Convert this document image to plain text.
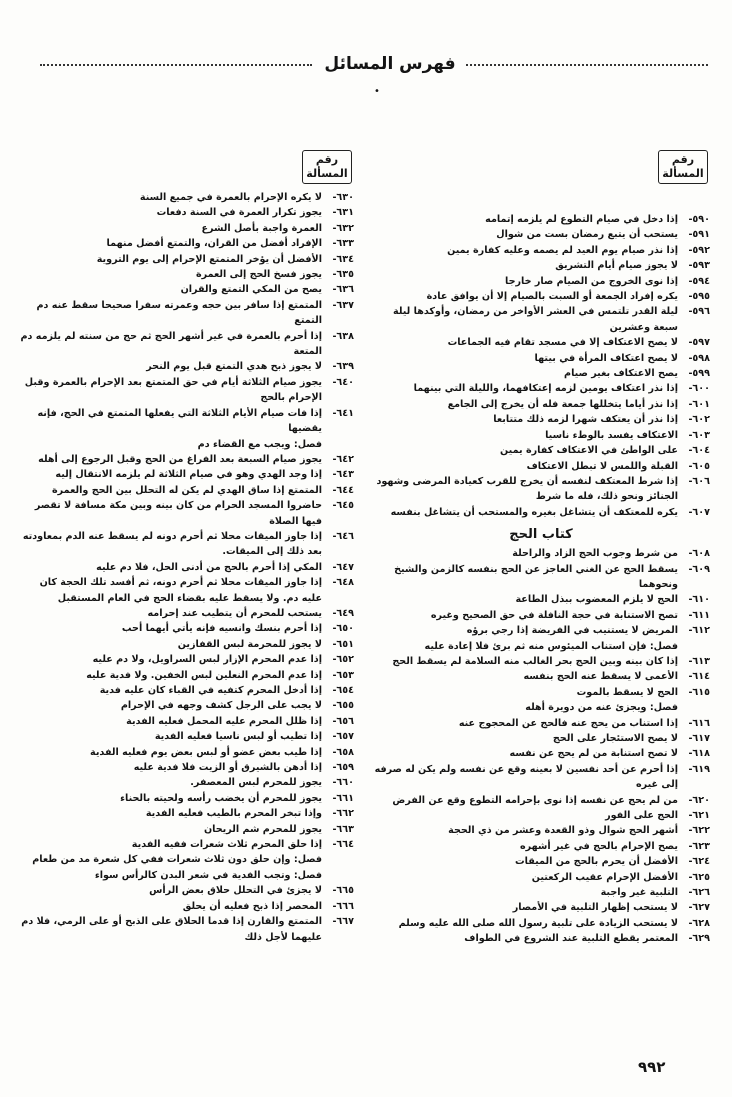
فهرس المسائل
•
رقم
المسألة
٥٩٠-
إذا دخل في صيام التطوع لم يلزمه إتمامه
٥٩١-
يستحب أن يتبع رمضان بست من شوال
٥٩٢-
إذا نذر صيام يوم العيد لم يصمه وعليه كفارة يمين
٥٩٣-
لا يجوز صيام أيام التشريق
٥٩٤-
إذا نوى الخروج من الصيام صار خارجا
٥٩٥-
يكره إفراد الجمعة أو السبت بالصيام إلا أن يوافق عادة
٥٩٦-
ليلة القدر تلتمس في العشر الأواخر من رمضان، وأوكدها ليلة سبعة وعشرين
٥٩٧-
لا يصح الاعتكاف إلا في مسجد تقام فيه الجماعات
٥٩٨-
لا يصح اعتكاف المرأة في بيتها
٥٩٩-
يصح الاعتكاف بغير صيام
٦٠٠-
إذا نذر اعتكاف يومين لزمه إعتكافهما، والليلة التي بينهما
٦٠١-
إذا نذر أياما يتخللها جمعة فله أن يخرج إلى الجامع
٦٠٢-
إذا نذر أن يعتكف شهرا لزمه ذلك متتابعا
٦٠٣-
الاعتكاف يفسد بالوطء ناسيا
٦٠٤-
على الواطئ في الاعتكاف كفارة يمين
٦٠٥-
القبلة واللمس لا تبطل الاعتكاف
٦٠٦-
إذا شرط المعتكف لنفسه أن يخرج للقرب كعيادة المرضى وشهود الجنائز ونحو ذلك، فله ما شرط
٦٠٧-
يكره للمعتكف أن يتشاغل بغيره والمستحب أن يتشاغل بنفسه
كتاب الحج
٦٠٨-
من شرط وجوب الحج الزاد والراحلة
٦٠٩-
يسقط الحج عن الغني العاجز عن الحج بنفسه كالزمن والشيخ ونحوهما
٦١٠-
الحج لا يلزم المعضوب ببذل الطاعة
٦١١-
تصح الاستنابة في حجة النافلة في حق الصحيح وغيره
٦١٢-
المريض لا يستنيب في الفريضة إذا رجي برؤه
فصل: فإن استناب الميئوس منه ثم برئ فلا إعادة عليه
٦١٣-
إذا كان بينه وبين الحج بحر الغالب منه السلامة لم يسقط الحج
٦١٤-
الأعمى لا يسقط عنه الحج بنفسه
٦١٥-
الحج لا يسقط بالموت
فصل: ويجزئ عنه من دويرة أهله
٦١٦-
إذا استناب من يحج عنه فالحج عن المحجوج عنه
٦١٧-
لا يصح الاستئجار على الحج
٦١٨-
لا تصح استنابة من لم يحج عن نفسه
٦١٩-
إذا أحرم عن أحد نفسين لا بعينه وقع عن نفسه ولم يكن له صرفه إلى غيره
٦٢٠-
من لم يحج عن نفسه إذا نوى بإحرامه التطوع وقع عن الفرض
٦٢١-
الحج على الفور
٦٢٢-
أشهر الحج شوال وذو القعدة وعشر من ذي الحجة
٦٢٣-
يصح الإحرام بالحج في غير أشهره
٦٢٤-
الأفضل أن يحرم بالحج من الميقات
٦٢٥-
الأفضل الإحرام عقيب الركعتين
٦٢٦-
التلبية غير واجبة
٦٢٧-
لا يستحب إظهار التلبية في الأمصار
٦٢٨-
لا يستحب الزيادة على تلبية رسول الله صلى الله عليه وسلم
٦٢٩-
المعتمر يقطع التلبية عند الشروع في الطواف
رقم
المسألة
٦٣٠-
لا يكره الإحرام بالعمرة في جميع السنة
٦٣١-
يجوز تكرار العمرة في السنة دفعات
٦٣٢-
العمرة واجبة بأصل الشرع
٦٣٣-
الإفراد أفضل من القران، والتمتع أفضل منهما
٦٣٤-
الأفضل أن يؤخر المتمتع الإحرام إلى يوم التروية
٦٣٥-
يجوز فسخ الحج إلى العمرة
٦٣٦-
يصح من المكي التمتع والقران
٦٣٧-
المتمتع إذا سافر بين حجه وعمرته سفرا صحيحا سقط عنه دم التمتع
٦٣٨-
إذا أحرم بالعمرة في غير أشهر الحج ثم حج من سنته لم يلزمه دم المتعة
٦٣٩-
لا يجوز ذبح هدي التمتع قبل يوم النحر
٦٤٠-
يجوز صيام الثلاثة أيام في حق المتمتع بعد الإحرام بالعمرة وقبل الإحرام بالحج
٦٤١-
إذا فات صيام الأيام الثلاثة التي يفعلها المتمتع في الحج، فإنه يقضيها
فصل: ويجب مع القضاء دم
٦٤٢-
يجوز صيام السبعة بعد الفراغ من الحج وقبل الرجوع إلى أهله
٦٤٣-
إذا وجد الهدي وهو في صيام الثلاثة لم يلزمه الانتقال إليه
٦٤٤-
المتمتع إذا ساق الهدي لم يكن له التحلل بين الحج والعمرة
٦٤٥-
حاضروا المسجد الحرام من كان بينه وبين مكة مسافة لا تقصر فيها الصلاة
٦٤٦-
إذا جاوز الميقات محلا ثم أحرم دونه لم يسقط عنه الدم بمعاودته بعد ذلك إلى الميقات.
٦٤٧-
المكي إذا أحرم بالحج من أدنى الحل، فلا دم عليه
٦٤٨-
إذا جاوز الميقات محلا ثم أحرم دونه، ثم أفسد تلك الحجة كان عليه دم. ولا يسقط عليه بقضاء الحج في العام المستقبل
٦٤٩-
يستحب للمحرم أن يتطيب عند إحرامه
٦٥٠-
إذا أحرم بنسك وانسيه فإنه يأتي أيهما أحب
٦٥١-
لا يجوز للمحرمة لبس القفازين
٦٥٢-
إذا عدم المحرم الإزار لبس السراويل، ولا دم عليه
٦٥٣-
إذا عدم المحرم النعلين لبس الخفين. ولا فدية عليه
٦٥٤-
إذا أدخل المحرم كتفيه في القباء كان عليه فدية
٦٥٥-
لا يجب على الرجل كشف وجهه في الإحرام
٦٥٦-
إذا ظلل المحرم عليه المحمل فعليه الفدية
٦٥٧-
إذا تطيب أو لبس ناسيا فعليه الفدية
٦٥٨-
إذا طيب بعض عضو أو لبس بعض يوم فعليه الفدية
٦٥٩-
إذا أدهن بالشيرق أو الزيت فلا فدية عليه
٦٦٠-
يجوز للمحرم لبس المعصفر.
٦٦١-
يجوز للمحرم أن يخضب رأسه ولحيته بالحناء
٦٦٢-
وإذا تبخر المحرم بالطيب فعليه الفدية
٦٦٣-
يجوز للمحرم شم الريحان
٦٦٤-
إذا حلق المحرم ثلاث شعرات ففيه الفدية
فصل: وإن حلق دون ثلاث شعرات ففي كل شعرة مد من طعام
فصل: وتجب الفدية في شعر البدن كالرأس سواء
٦٦٥-
لا يجزئ في التحلل حلاق بعض الرأس
٦٦٦-
المحصر إذا ذبح فعليه أن يحلق
٦٦٧-
المتمتع والقارن إذا قدما الحلاق على الذبح أو على الرمي، فلا دم عليهما لأجل ذلك
٩٩٢
